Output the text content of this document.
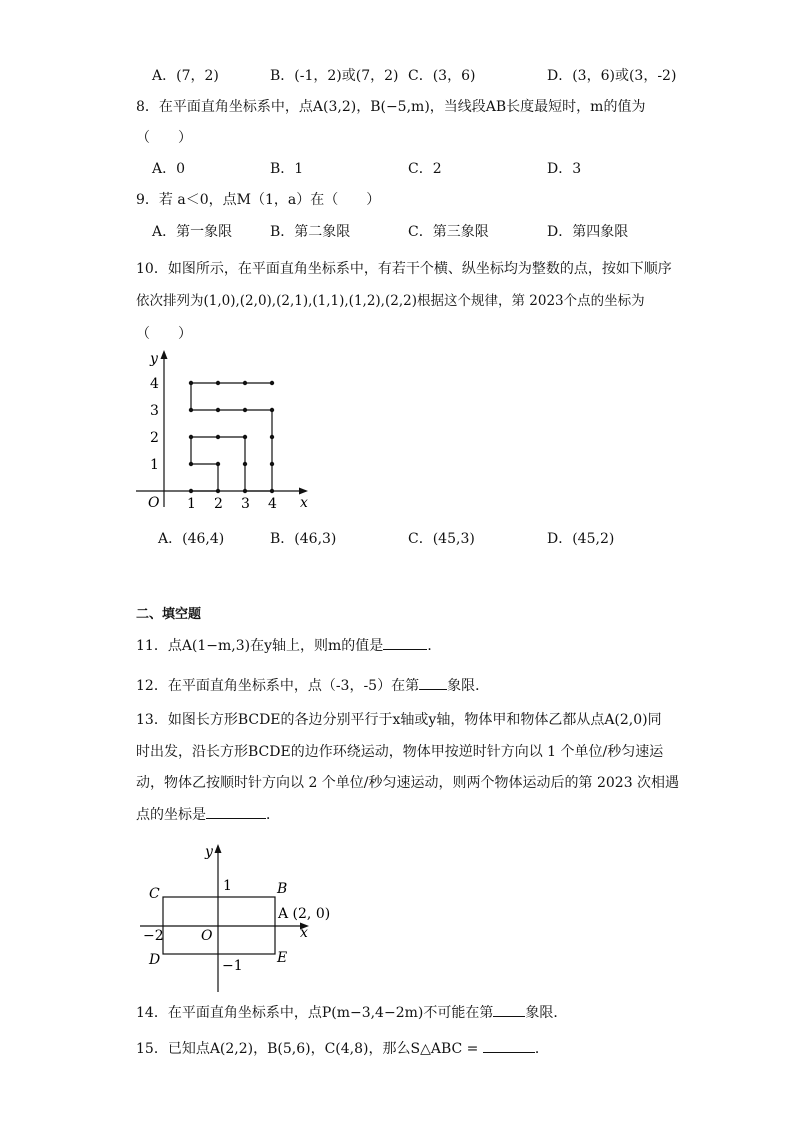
A．(7，2)	B．(-1，2)或(7，2) C．(3，6)	D．(3，6)或(3，-2)
8．在平面直角坐标系中，点A(3,2)，B(−5,m)，当线段AB长度最短时，m的值为
（　　）
A．0	B．1	C．2	D．3
9．若 a＜0，点M（1，a）在（　　）
A．第一象限	B．第二象限	C．第三象限	D．第四象限
10．如图所示，在平面直角坐标系中，有若干个横、纵坐标均为整数的点，按如下顺序
依次排列为(1,0),(2,0),(2,1),(1,1),(1,2),(2,2)根据这个规律，第 2023个点的坐标为
（　　）
y
x
O 1 2 3 4
1
2
3
4
A．(46,4)	B．(46,3)	C．(45,3)	D．(45,2)
二、填空题
11．点A(1−m,3)在y轴上，则m的值是	．
12．在平面直角坐标系中，点（-3，-5）在第 象限．
13．如图长方形BCDE的各边分别平行于x轴或y轴，物体甲和物体乙都从点A(2,0)同
时出发，沿长方形BCDE的边作环绕运动，物体甲按逆时针方向以 1 个单位/秒匀速运
动，物体乙按顺时针方向以 2 个单位/秒匀速运动，则两个物体运动后的第 2023 次相遇
点的坐标是	．
y
x
O
C	B
D	E
1
−1
−2
A (2, 0)
14．在平面直角坐标系中，点P(m−3,4−2m)不可能在第 象限．
15．已知点A(2,2)，B(5,6)，C(4,8)，那么S△ABC =	．
